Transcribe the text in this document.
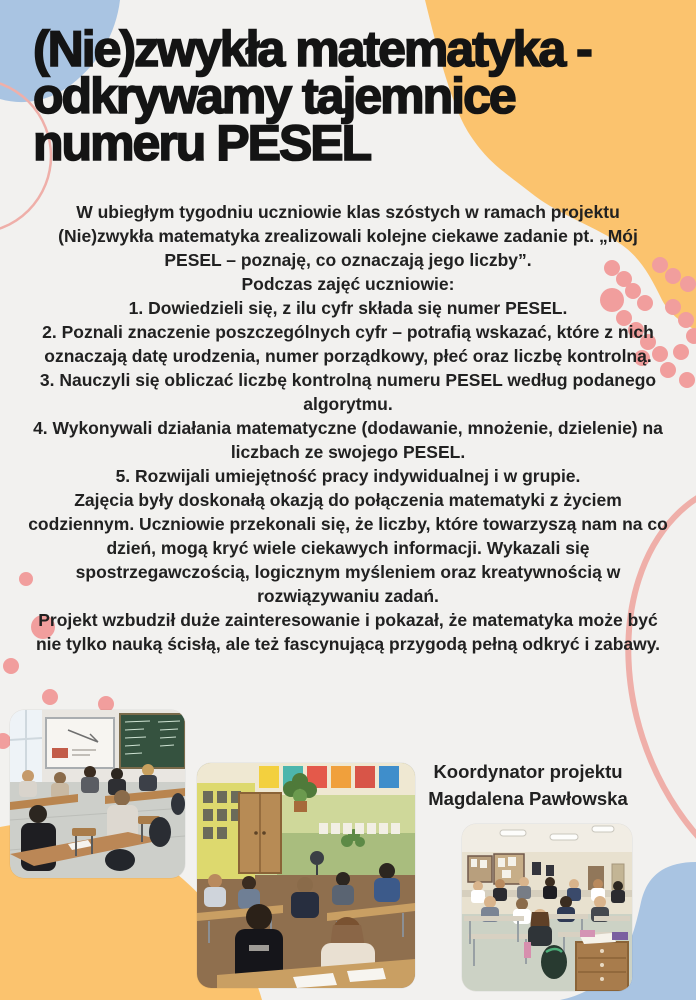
(Nie)zwykła matematyka -
odkrywamy tajemnice
numeru PESEL

W ubiegłym tygodniu uczniowie klas szóstych w ramach projektu (Nie)zwykła matematyka zrealizowali kolejne ciekawe zadanie pt. „Mój PESEL – poznaję, co oznaczają jego liczby”.

Podczas zajęć uczniowie:

1. Dowiedzieli się, z ilu cyfr składa się numer PESEL.

2. Poznali znaczenie poszczególnych cyfr – potrafią wskazać, które z nich oznaczają datę urodzenia, numer porządkowy, płeć oraz liczbę kontrolną.

3. Nauczyli się obliczać liczbę kontrolną numeru PESEL według podanego algorytmu.

4. Wykonywali działania matematyczne (dodawanie, mnożenie, dzielenie) na liczbach ze swojego PESEL.

5. Rozwijali umiejętność pracy indywidualnej i w grupie.

Zajęcia były doskonałą okazją do połączenia matematyki z życiem codziennym. Uczniowie przekonali się, że liczby, które towarzyszą nam na co dzień, mogą kryć wiele ciekawych informacji. Wykazali się spostrzegawczością, logicznym myśleniem oraz kreatywnością w rozwiązywaniu zadań.

Projekt wzbudził duże zainteresowanie i pokazał, że matematyka może być nie tylko nauką ścisłą, ale też fascynującą przygodą pełną odkryć i zabawy.

Koordynator projektu
Magdalena Pawłowska
